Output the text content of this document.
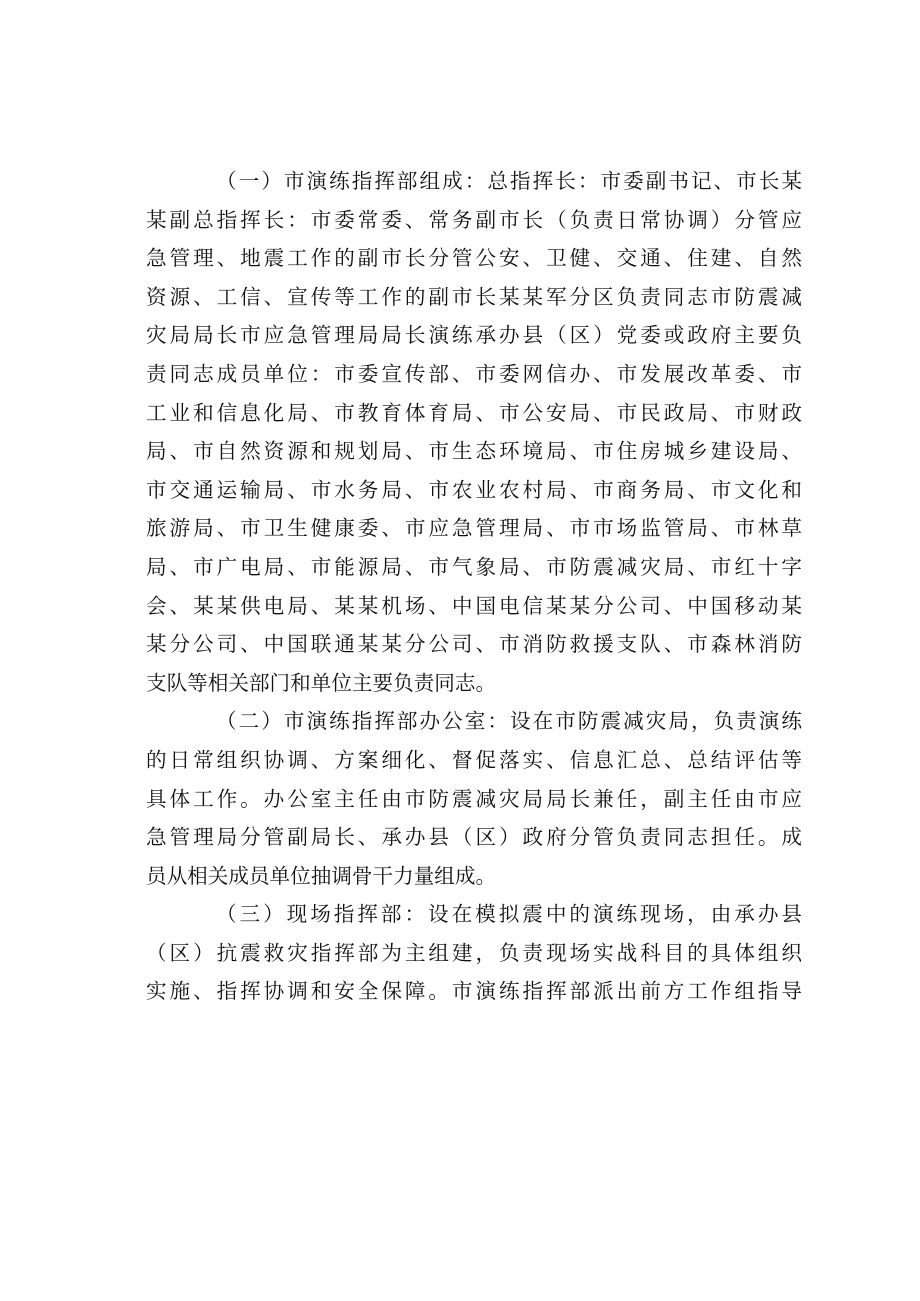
（一）市演练指挥部组成：总指挥长：市委副书记、市长某
某副总指挥长：市委常委、常务副市长（负责日常协调）分管应
急管理、地震工作的副市长分管公安、卫健、交通、住建、自然
资源、工信、宣传等工作的副市长某某军分区负责同志市防震减
灾局局长市应急管理局局长演练承办县（区）党委或政府主要负
责同志成员单位：市委宣传部、市委网信办、市发展改革委、市
工业和信息化局、市教育体育局、市公安局、市民政局、市财政
局、市自然资源和规划局、市生态环境局、市住房城乡建设局、
市交通运输局、市水务局、市农业农村局、市商务局、市文化和
旅游局、市卫生健康委、市应急管理局、市市场监管局、市林草
局、市广电局、市能源局、市气象局、市防震减灾局、市红十字
会、某某供电局、某某机场、中国电信某某分公司、中国移动某
某分公司、中国联通某某分公司、市消防救援支队、市森林消防
支队等相关部门和单位主要负责同志。
（二）市演练指挥部办公室：设在市防震减灾局，负责演练
的日常组织协调、方案细化、督促落实、信息汇总、总结评估等
具体工作。办公室主任由市防震减灾局局长兼任，副主任由市应
急管理局分管副局长、承办县（区）政府分管负责同志担任。成
员从相关成员单位抽调骨干力量组成。
（三）现场指挥部：设在模拟震中的演练现场，由承办县
（区）抗震救灾指挥部为主组建，负责现场实战科目的具体组织
实施、指挥协调和安全保障。市演练指挥部派出前方工作组指导
